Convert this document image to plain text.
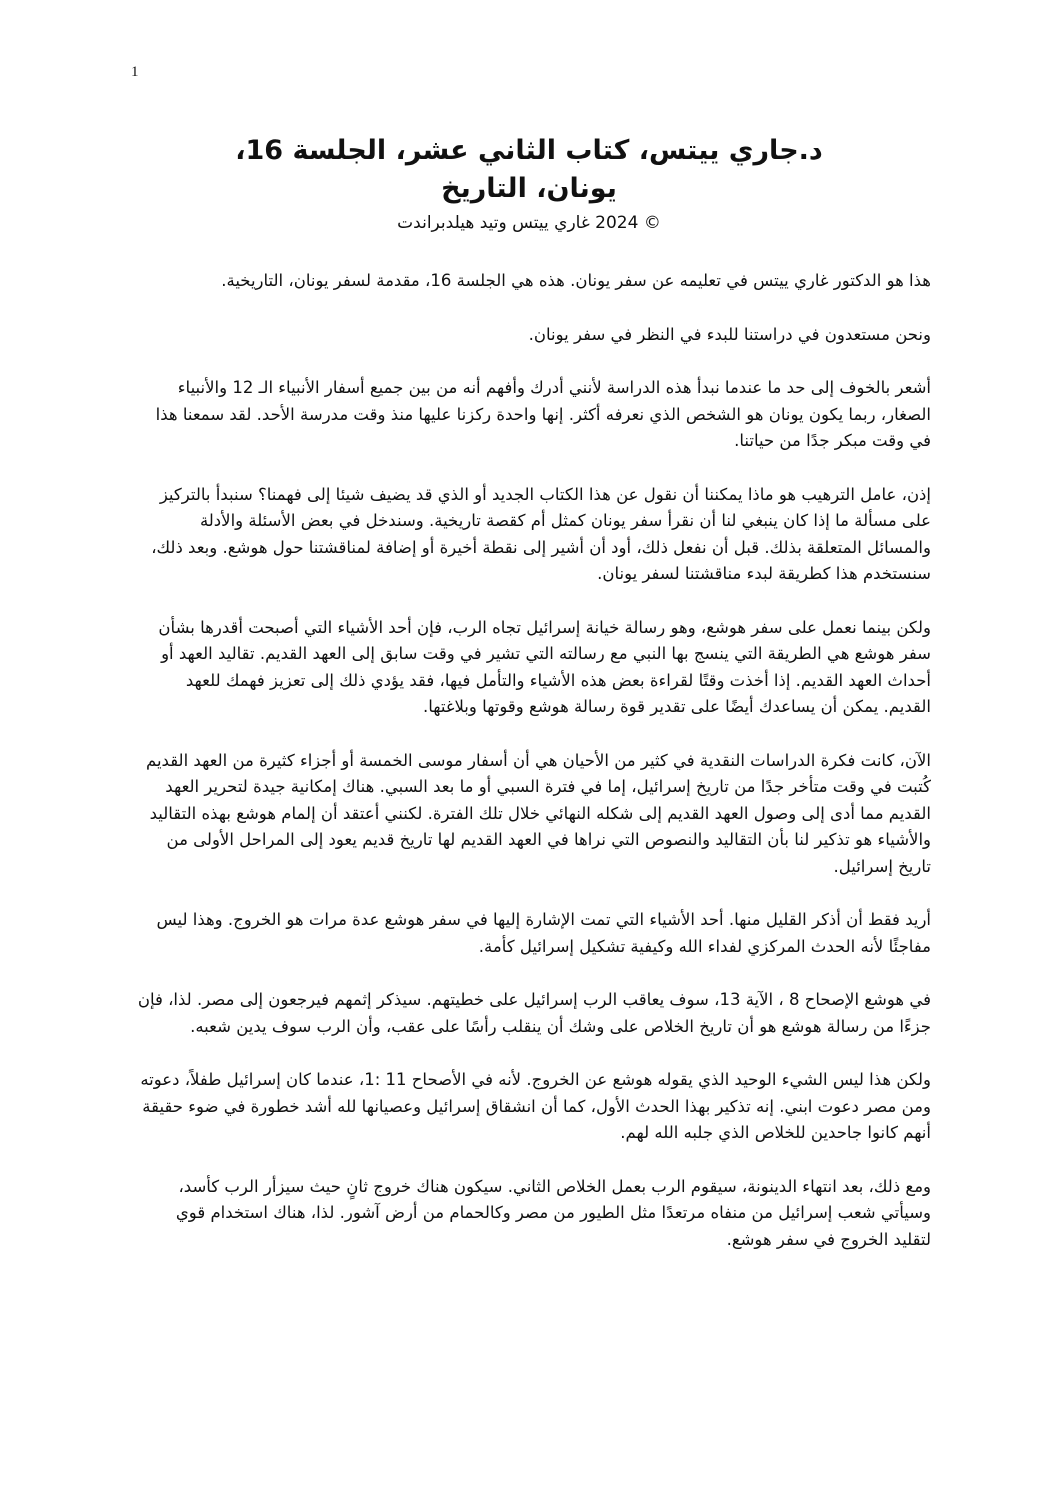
1

د.جاري ييتس، كتاب الثاني عشر، الجلسة 16،

يونان، التاريخ

© 2024 غاري ييتس وتيد هيلدبراندت

هذا هو الدكتور غاري ييتس في تعليمه عن سفر يونان. هذه هي الجلسة 16، مقدمة لسفر يونان، التاريخية.

ونحن مستعدون في دراستنا للبدء في النظر في سفر يونان.

أشعر بالخوف إلى حد ما عندما نبدأ هذه الدراسة لأنني أدرك وأفهم أنه من بين جميع أسفار الأنبياء الـ 12 والأنبياء الصغار، ربما يكون يونان هو الشخص الذي نعرفه أكثر. إنها واحدة ركزنا عليها منذ وقت مدرسة الأحد. لقد سمعنا هذا في وقت مبكر جدًا من حياتنا.

إذن، عامل الترهيب هو ماذا يمكننا أن نقول عن هذا الكتاب الجديد أو الذي قد يضيف شيئا إلى فهمنا؟ سنبدأ بالتركيز على مسألة ما إذا كان ينبغي لنا أن نقرأ سفر يونان كمثل أم كقصة تاريخية. وسندخل في بعض الأسئلة والأدلة والمسائل المتعلقة بذلك. قبل أن نفعل ذلك، أود أن أشير إلى نقطة أخيرة أو إضافة لمناقشتنا حول هوشع. وبعد ذلك، سنستخدم هذا كطريقة لبدء مناقشتنا لسفر يونان.

ولكن بينما نعمل على سفر هوشع، وهو رسالة خيانة إسرائيل تجاه الرب، فإن أحد الأشياء التي أصبحت أقدرها بشأن سفر هوشع هي الطريقة التي ينسج بها النبي مع رسالته التي تشير في وقت سابق إلى العهد القديم. تقاليد العهد أو أحداث العهد القديم. إذا أخذت وقتًا لقراءة بعض هذه الأشياء والتأمل فيها، فقد يؤدي ذلك إلى تعزيز فهمك للعهد القديم. يمكن أن يساعدك أيضًا على تقدير قوة رسالة هوشع وقوتها وبلاغتها.

الآن، كانت فكرة الدراسات النقدية في كثير من الأحيان هي أن أسفار موسى الخمسة أو أجزاء كثيرة من العهد القديم كُتبت في وقت متأخر جدًا من تاريخ إسرائيل، إما في فترة السبي أو ما بعد السبي. هناك إمكانية جيدة لتحرير العهد القديم مما أدى إلى وصول العهد القديم إلى شكله النهائي خلال تلك الفترة. لكنني أعتقد أن إلمام هوشع بهذه التقاليد والأشياء هو تذكير لنا بأن التقاليد والنصوص التي نراها في العهد القديم لها تاريخ قديم يعود إلى المراحل الأولى من تاريخ إسرائيل.

أريد فقط أن أذكر القليل منها. أحد الأشياء التي تمت الإشارة إليها في سفر هوشع عدة مرات هو الخروج. وهذا ليس مفاجئًا لأنه الحدث المركزي لفداء الله وكيفية تشكيل إسرائيل كأمة.

في هوشع الإصحاح 8 ، الآية 13، سوف يعاقب الرب إسرائيل على خطيتهم. سيذكر إثمهم فيرجعون إلى مصر. لذا، فإن جزءًا من رسالة هوشع هو أن تاريخ الخلاص على وشك أن ينقلب رأسًا على عقب، وأن الرب سوف يدين شعبه.

ولكن هذا ليس الشيء الوحيد الذي يقوله هوشع عن الخروج. لأنه في الأصحاح 11 :1، عندما كان إسرائيل طفلاً، دعوته ومن مصر دعوت ابني. إنه تذكير بهذا الحدث الأول، كما أن انشقاق إسرائيل وعصيانها لله أشد خطورة في ضوء حقيقة أنهم كانوا جاحدين للخلاص الذي جلبه الله لهم.

ومع ذلك، بعد انتهاء الدينونة، سيقوم الرب بعمل الخلاص الثاني. سيكون هناك خروج ثانٍ حيث سيزأر الرب كأسد، وسيأتي شعب إسرائيل من منفاه مرتعدًا مثل الطيور من مصر وكالحمام من أرض آشور. لذا، هناك استخدام قوي لتقليد الخروج في سفر هوشع.
